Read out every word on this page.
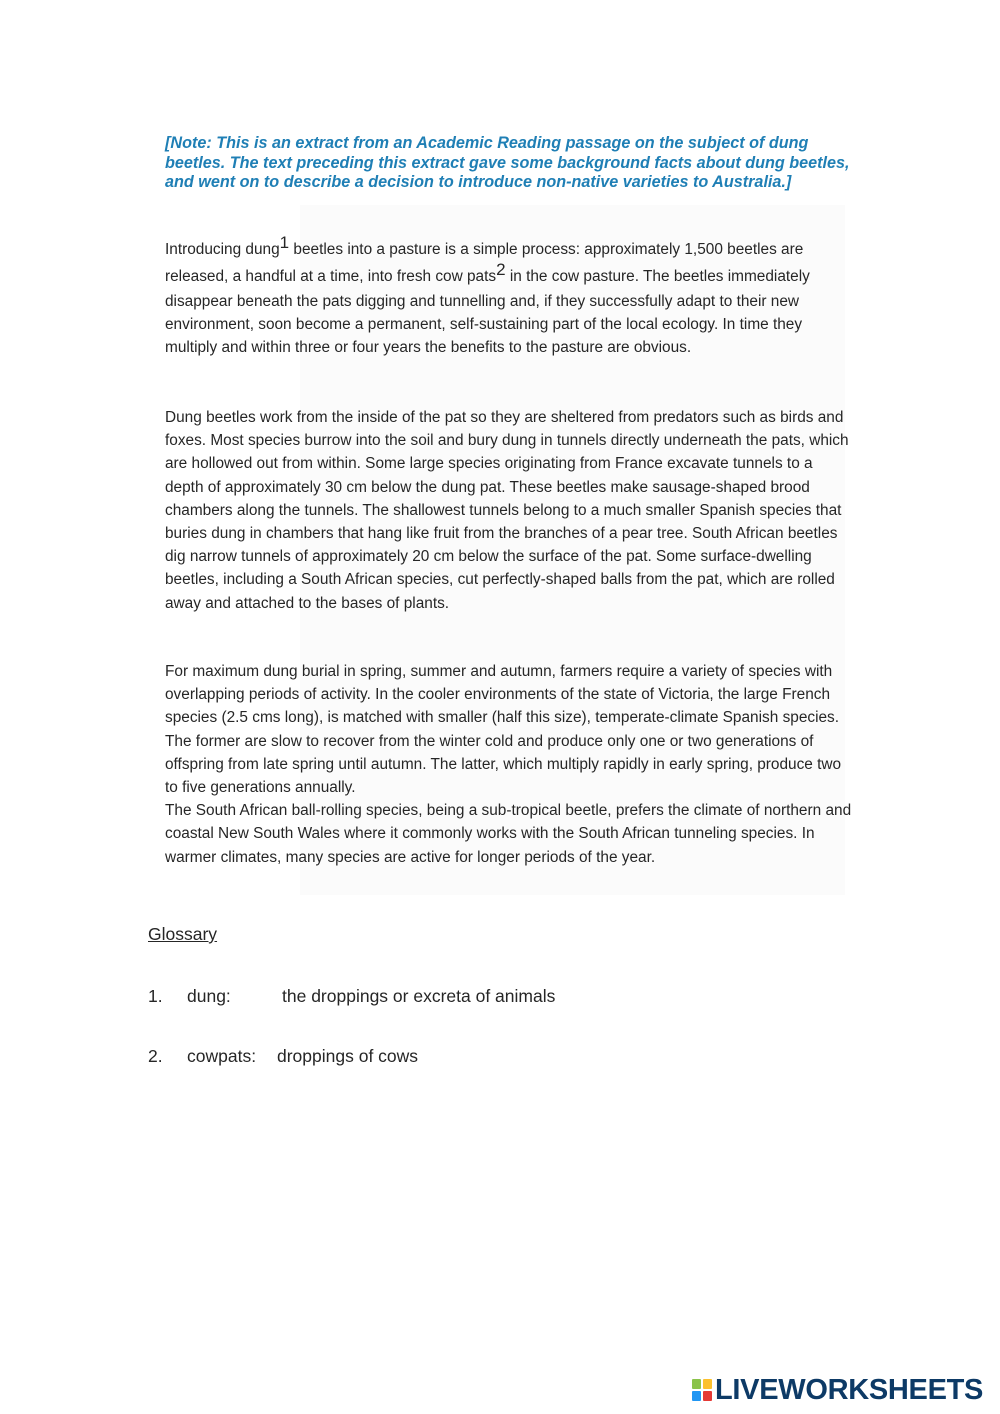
[Note: This is an extract from an Academic Reading passage on the subject of dung beetles. The text preceding this extract gave some background facts about dung beetles, and went on to describe a decision to introduce non-native varieties to Australia.]

Introducing dung$^1$ beetles into a pasture is a simple process: approximately 1,500 beetles are released, a handful at a time, into fresh cow pats$^2$ in the cow pasture. The beetles immediately disappear beneath the pats digging and tunnelling and, if they successfully adapt to their new environment, soon become a permanent, self-sustaining part of the local ecology. In time they multiply and within three or four years the benefits to the pasture are obvious.

Dung beetles work from the inside of the pat so they are sheltered from predators such as birds and foxes. Most species burrow into the soil and bury dung in tunnels directly underneath the pats, which are hollowed out from within. Some large species originating from France excavate tunnels to a depth of approximately 30 cm below the dung pat. These beetles make sausage-shaped brood chambers along the tunnels. The shallowest tunnels belong to a much smaller Spanish species that buries dung in chambers that hang like fruit from the branches of a pear tree. South African beetles dig narrow tunnels of approximately 20 cm below the surface of the pat. Some surface-dwelling beetles, including a South African species, cut perfectly-shaped balls from the pat, which are rolled away and attached to the bases of plants.

For maximum dung burial in spring, summer and autumn, farmers require a variety of species with overlapping periods of activity. In the cooler environments of the state of Victoria, the large French species (2.5 cms long), is matched with smaller (half this size), temperate-climate Spanish species. The former are slow to recover from the winter cold and produce only one or two generations of offspring from late spring until autumn. The latter, which multiply rapidly in early spring, produce two to five generations annually.
The South African ball-rolling species, being a sub-tropical beetle, prefers the climate of northern and coastal New South Wales where it commonly works with the South African tunneling species. In warmer climates, many species are active for longer periods of the year.

Glossary

1.	dung:	the droppings or excreta of animals
2.	cowpats:	droppings of cows
LIVEWORKSHEETS
